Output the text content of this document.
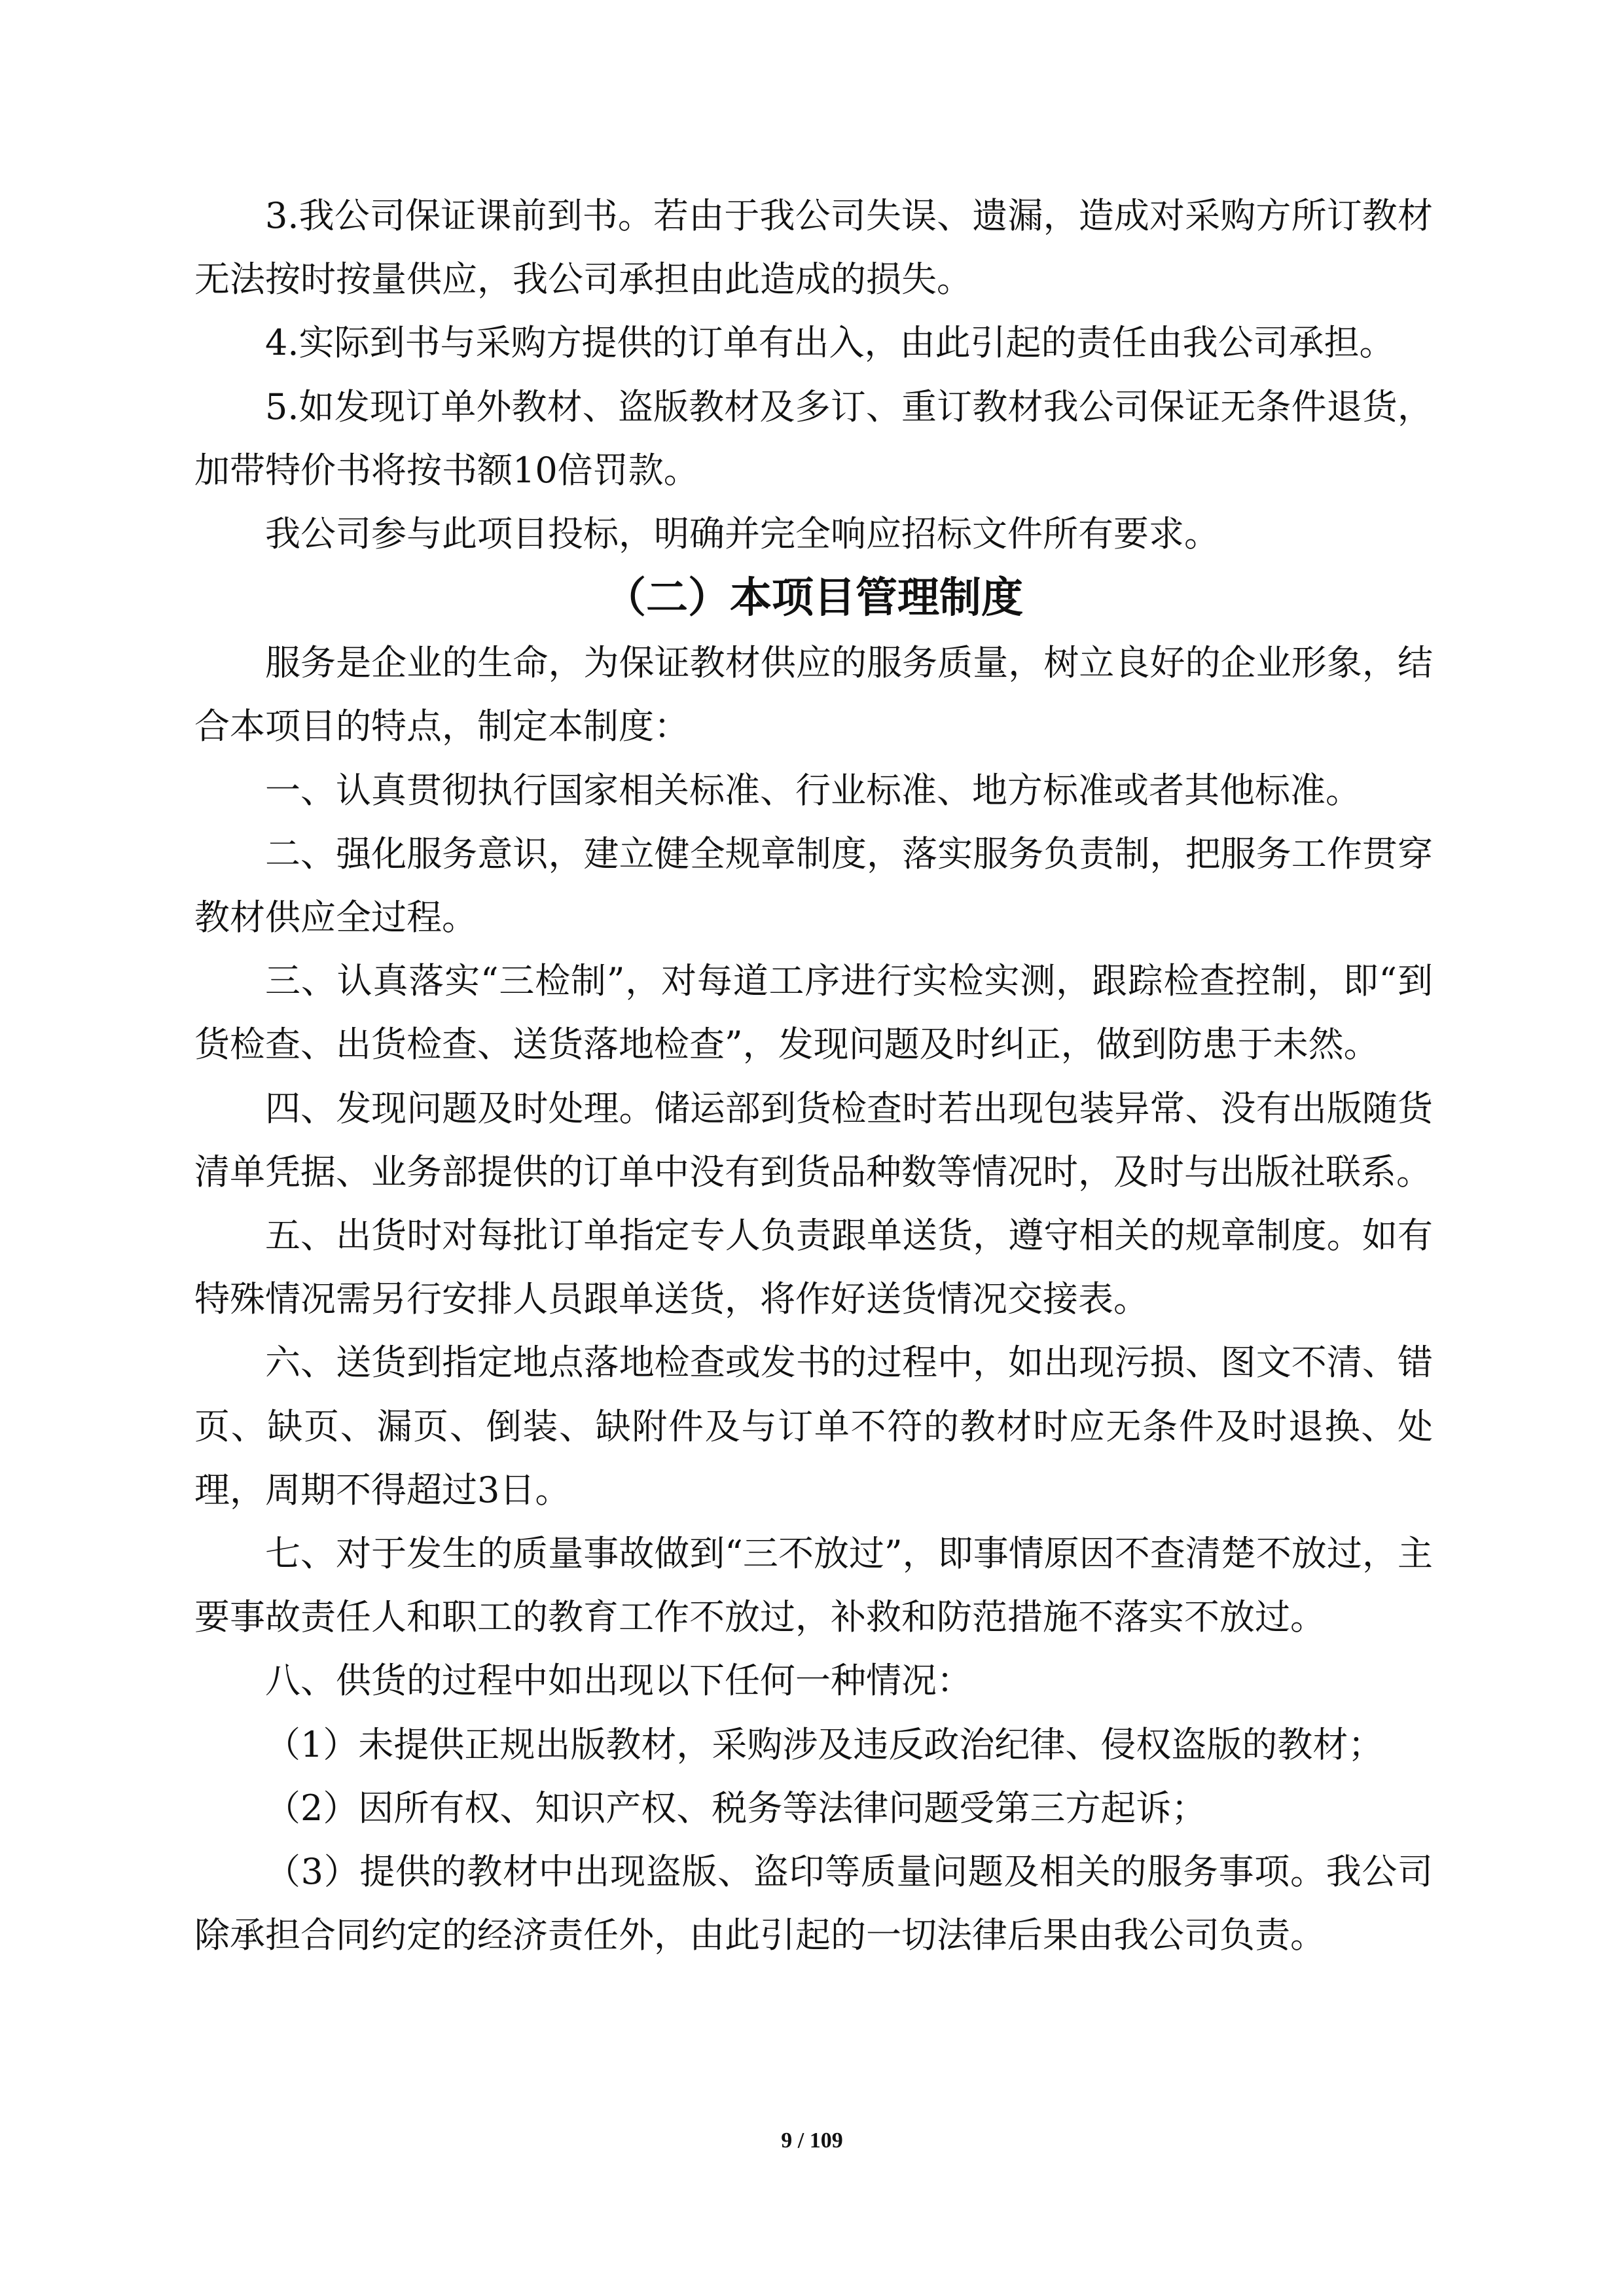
3.我公司保证课前到书。若由于我公司失误、遗漏，造成对采购方所订教材无法按时按量供应，我公司承担由此造成的损失。

4.实际到书与采购方提供的订单有出入，由此引起的责任由我公司承担。

5.如发现订单外教材、盗版教材及多订、重订教材我公司保证无条件退货，加带特价书将按书额10倍罚款。

我公司参与此项目投标，明确并完全响应招标文件所有要求。

（二）本项目管理制度

服务是企业的生命，为保证教材供应的服务质量，树立良好的企业形象，结合本项目的特点，制定本制度：

一、认真贯彻执行国家相关标准、行业标准、地方标准或者其他标准。

二、强化服务意识，建立健全规章制度，落实服务负责制，把服务工作贯穿教材供应全过程。

三、认真落实“三检制”，对每道工序进行实检实测，跟踪检查控制，即“到货检查、出货检查、送货落地检查”，发现问题及时纠正，做到防患于未然。

四、发现问题及时处理。储运部到货检查时若出现包装异常、没有出版随货清单凭据、业务部提供的订单中没有到货品种数等情况时，及时与出版社联系。

五、出货时对每批订单指定专人负责跟单送货，遵守相关的规章制度。如有特殊情况需另行安排人员跟单送货，将作好送货情况交接表。

六、送货到指定地点落地检查或发书的过程中，如出现污损、图文不清、错页、缺页、漏页、倒装、缺附件及与订单不符的教材时应无条件及时退换、处理，周期不得超过3日。

七、对于发生的质量事故做到“三不放过”，即事情原因不查清楚不放过，主要事故责任人和职工的教育工作不放过，补救和防范措施不落实不放过。

八、供货的过程中如出现以下任何一种情况：

（1）未提供正规出版教材，采购涉及违反政治纪律、侵权盗版的教材；

（2）因所有权、知识产权、税务等法律问题受第三方起诉；

（3）提供的教材中出现盗版、盗印等质量问题及相关的服务事项。我公司除承担合同约定的经济责任外，由此引起的一切法律后果由我公司负责。

9 / 109
